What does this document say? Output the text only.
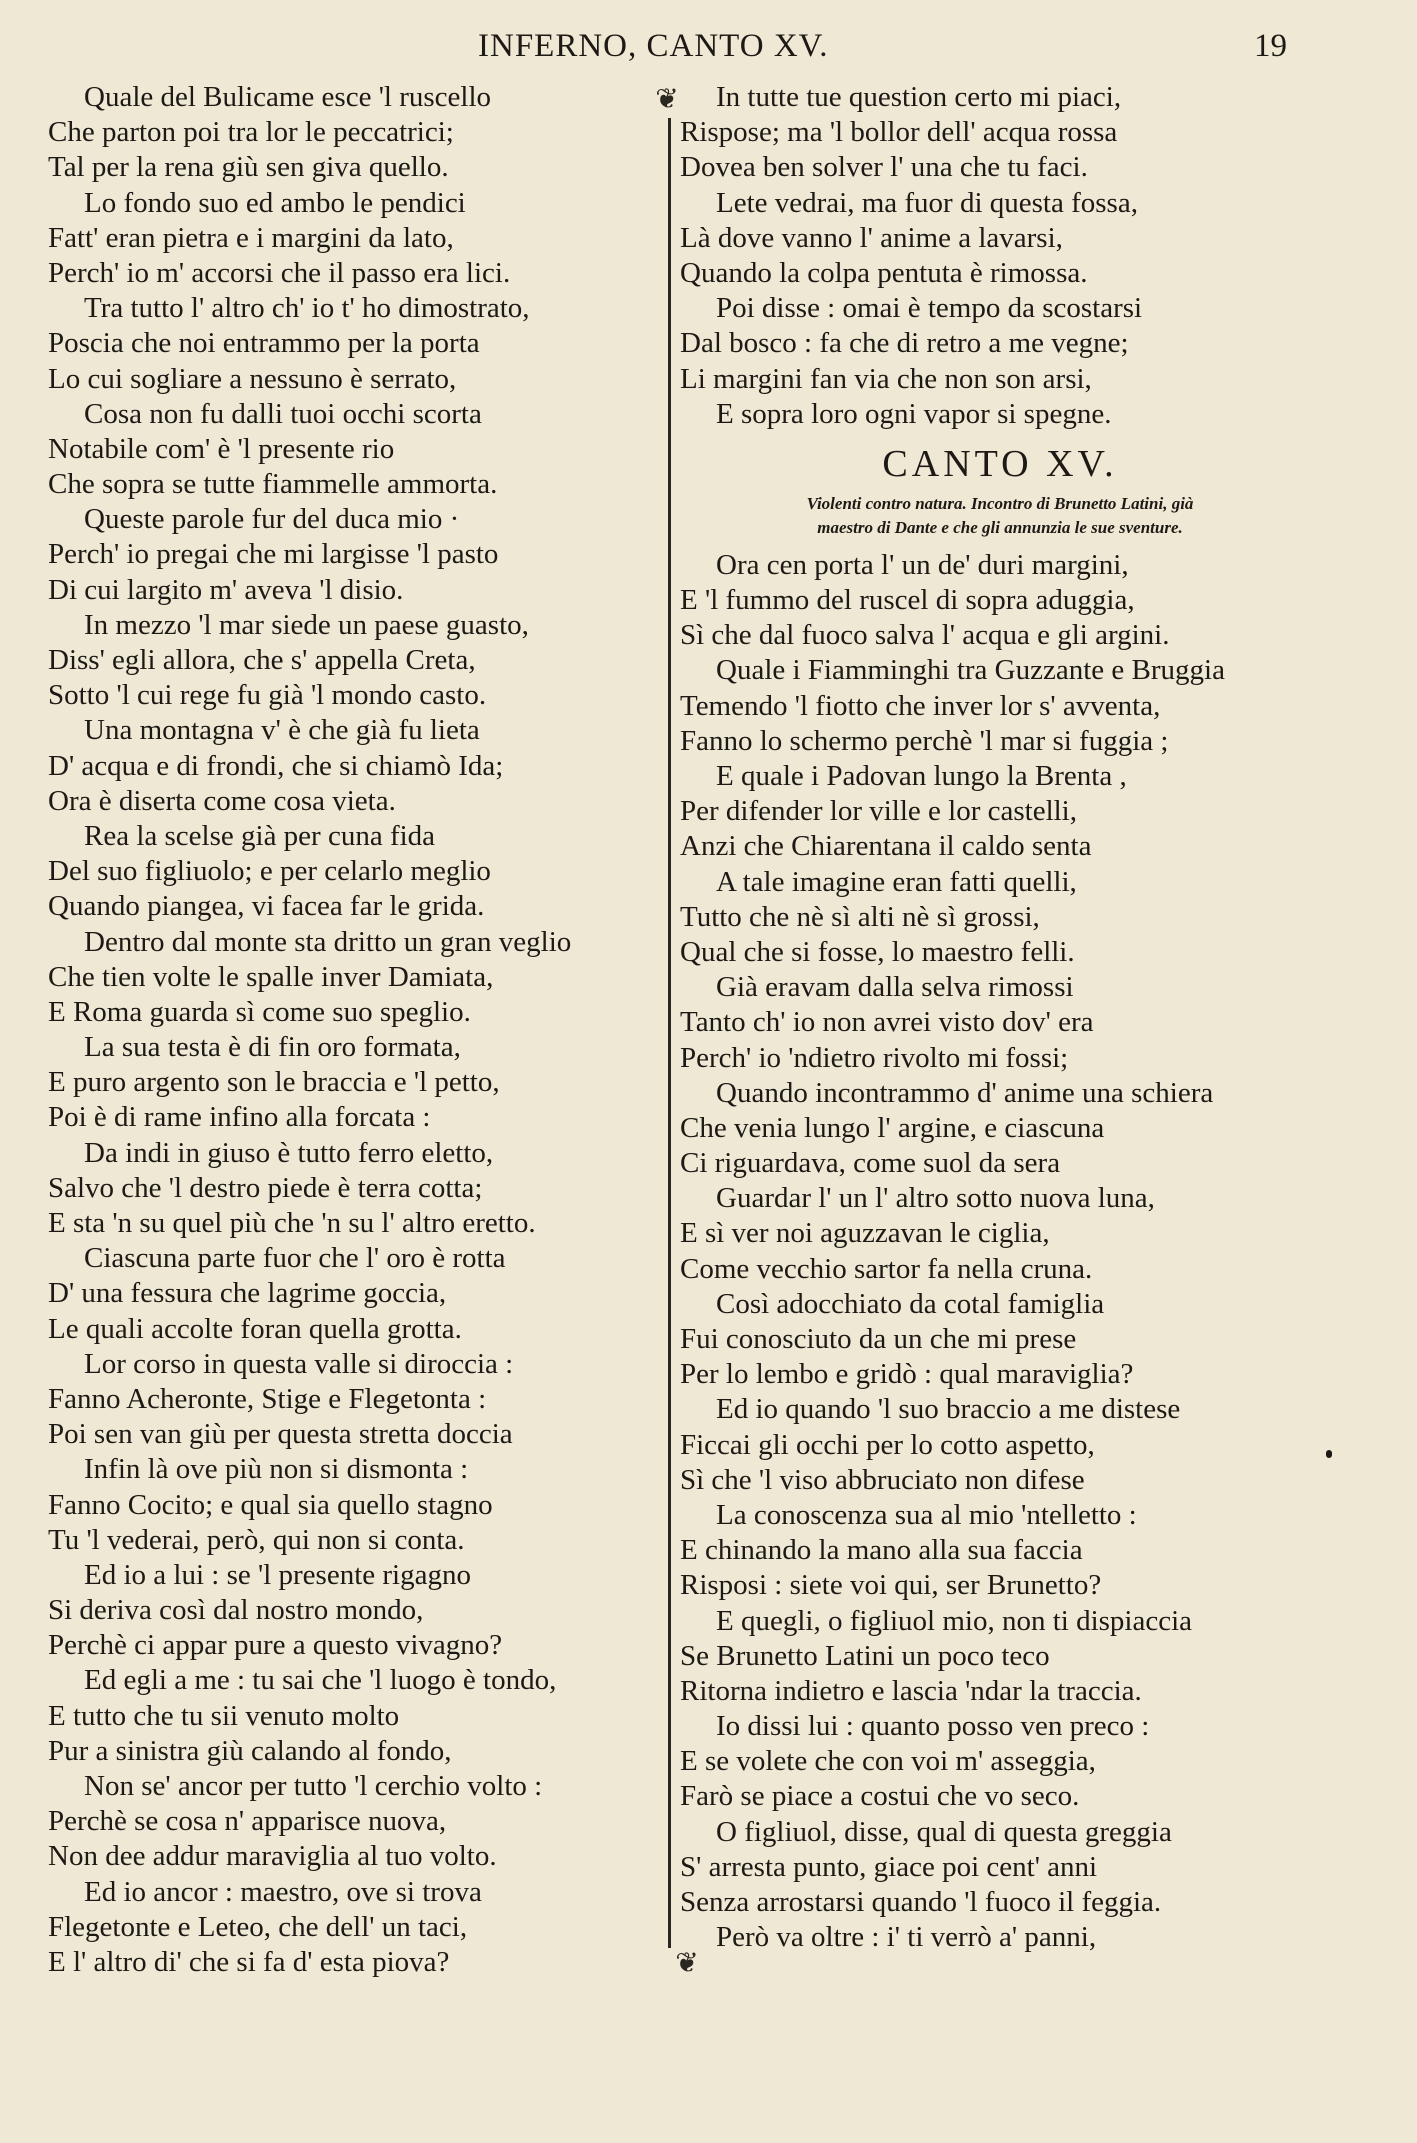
INFERNO, CANTO XV.	19
❦
❦
Quale del Bulicame esce 'l ruscello
Che parton poi tra lor le peccatrici;
Tal per la rena giù sen giva quello.
Lo fondo suo ed ambo le pendici
Fatt' eran pietra e i margini da lato,
Perch' io m' accorsi che il passo era lici.
Tra tutto l' altro ch' io t' ho dimostrato,
Poscia che noi entrammo per la porta
Lo cui sogliare a nessuno è serrato,
Cosa non fu dalli tuoi occhi scorta
Notabile com' è 'l presente rio
Che sopra se tutte fiammelle ammorta.
Queste parole fur del duca mio ·
Perch' io pregai che mi largisse 'l pasto
Di cui largito m' aveva 'l disio.
In mezzo 'l mar siede un paese guasto,
Diss' egli allora, che s' appella Creta,
Sotto 'l cui rege fu già 'l mondo casto.
Una montagna v' è che già fu lieta
D' acqua e di frondi, che si chiamò Ida;
Ora è diserta come cosa vieta.
Rea la scelse già per cuna fida
Del suo figliuolo; e per celarlo meglio
Quando piangea, vi facea far le grida.
Dentro dal monte sta dritto un gran veglio
Che tien volte le spalle inver Damiata,
E Roma guarda sì come suo speglio.
La sua testa è di fin oro formata,
E puro argento son le braccia e 'l petto,
Poi è di rame infino alla forcata :
Da indi in giuso è tutto ferro eletto,
Salvo che 'l destro piede è terra cotta;
E sta 'n su quel più che 'n su l' altro eretto.
Ciascuna parte fuor che l' oro è rotta
D' una fessura che lagrime goccia,
Le quali accolte foran quella grotta.
Lor corso in questa valle si diroccia :
Fanno Acheronte, Stige e Flegetonta :
Poi sen van giù per questa stretta doccia
Infin là ove più non si dismonta :
Fanno Cocito; e qual sia quello stagno
Tu 'l vederai, però, qui non si conta.
Ed io a lui : se 'l presente rigagno
Si deriva così dal nostro mondo,
Perchè ci appar pure a questo vivagno?
Ed egli a me : tu sai che 'l luogo è tondo,
E tutto che tu sii venuto molto
Pur a sinistra giù calando al fondo,
Non se' ancor per tutto 'l cerchio volto :
Perchè se cosa n' apparisce nuova,
Non dee addur maraviglia al tuo volto.
Ed io ancor : maestro, ove si trova
Flegetonte e Leteo, che dell' un taci,
E l' altro di' che si fa d' esta piova?
In tutte tue question certo mi piaci,
Rispose; ma 'l bollor dell' acqua rossa
Dovea ben solver l' una che tu faci.
Lete vedrai, ma fuor di questa fossa,
Là dove vanno l' anime a lavarsi,
Quando la colpa pentuta è rimossa.
Poi disse : omai è tempo da scostarsi
Dal bosco : fa che di retro a me vegne;
Li margini fan via che non son arsi,
E sopra loro ogni vapor si spegne.
CANTO XV.
Violenti contro natura. Incontro di Brunetto Latini, già
maestro di Dante e che gli annunzia le sue sventure.
Ora cen porta l' un de' duri margini,
E 'l fummo del ruscel di sopra aduggia,
Sì che dal fuoco salva l' acqua e gli argini.
Quale i Fiamminghi tra Guzzante e Bruggia
Temendo 'l fiotto che inver lor s' avventa,
Fanno lo schermo perchè 'l mar si fuggia ;
E quale i Padovan lungo la Brenta ,
Per difender lor ville e lor castelli,
Anzi che Chiarentana il caldo senta
A tale imagine eran fatti quelli,
Tutto che nè sì alti nè sì grossi,
Qual che si fosse, lo maestro felli.
Già eravam dalla selva rimossi
Tanto ch' io non avrei visto dov' era
Perch' io 'ndietro rivolto mi fossi;
Quando incontrammo d' anime una schiera
Che venia lungo l' argine, e ciascuna
Ci riguardava, come suol da sera
Guardar l' un l' altro sotto nuova luna,
E sì ver noi aguzzavan le ciglia,
Come vecchio sartor fa nella cruna.
Così adocchiato da cotal famiglia
Fui conosciuto da un che mi prese
Per lo lembo e gridò : qual maraviglia?
Ed io quando 'l suo braccio a me distese
Ficcai gli occhi per lo cotto aspetto,
Sì che 'l viso abbruciato non difese
La conoscenza sua al mio 'ntelletto :
E chinando la mano alla sua faccia
Risposi : siete voi qui, ser Brunetto?
E quegli, o figliuol mio, non ti dispiaccia
Se Brunetto Latini un poco teco
Ritorna indietro e lascia 'ndar la traccia.
Io dissi lui : quanto posso ven preco :
E se volete che con voi m' asseggia,
Farò se piace a costui che vo seco.
O figliuol, disse, qual di questa greggia
S' arresta punto, giace poi cent' anni
Senza arrostarsi quando 'l fuoco il feggia.
Però va oltre : i' ti verrò a' panni,
